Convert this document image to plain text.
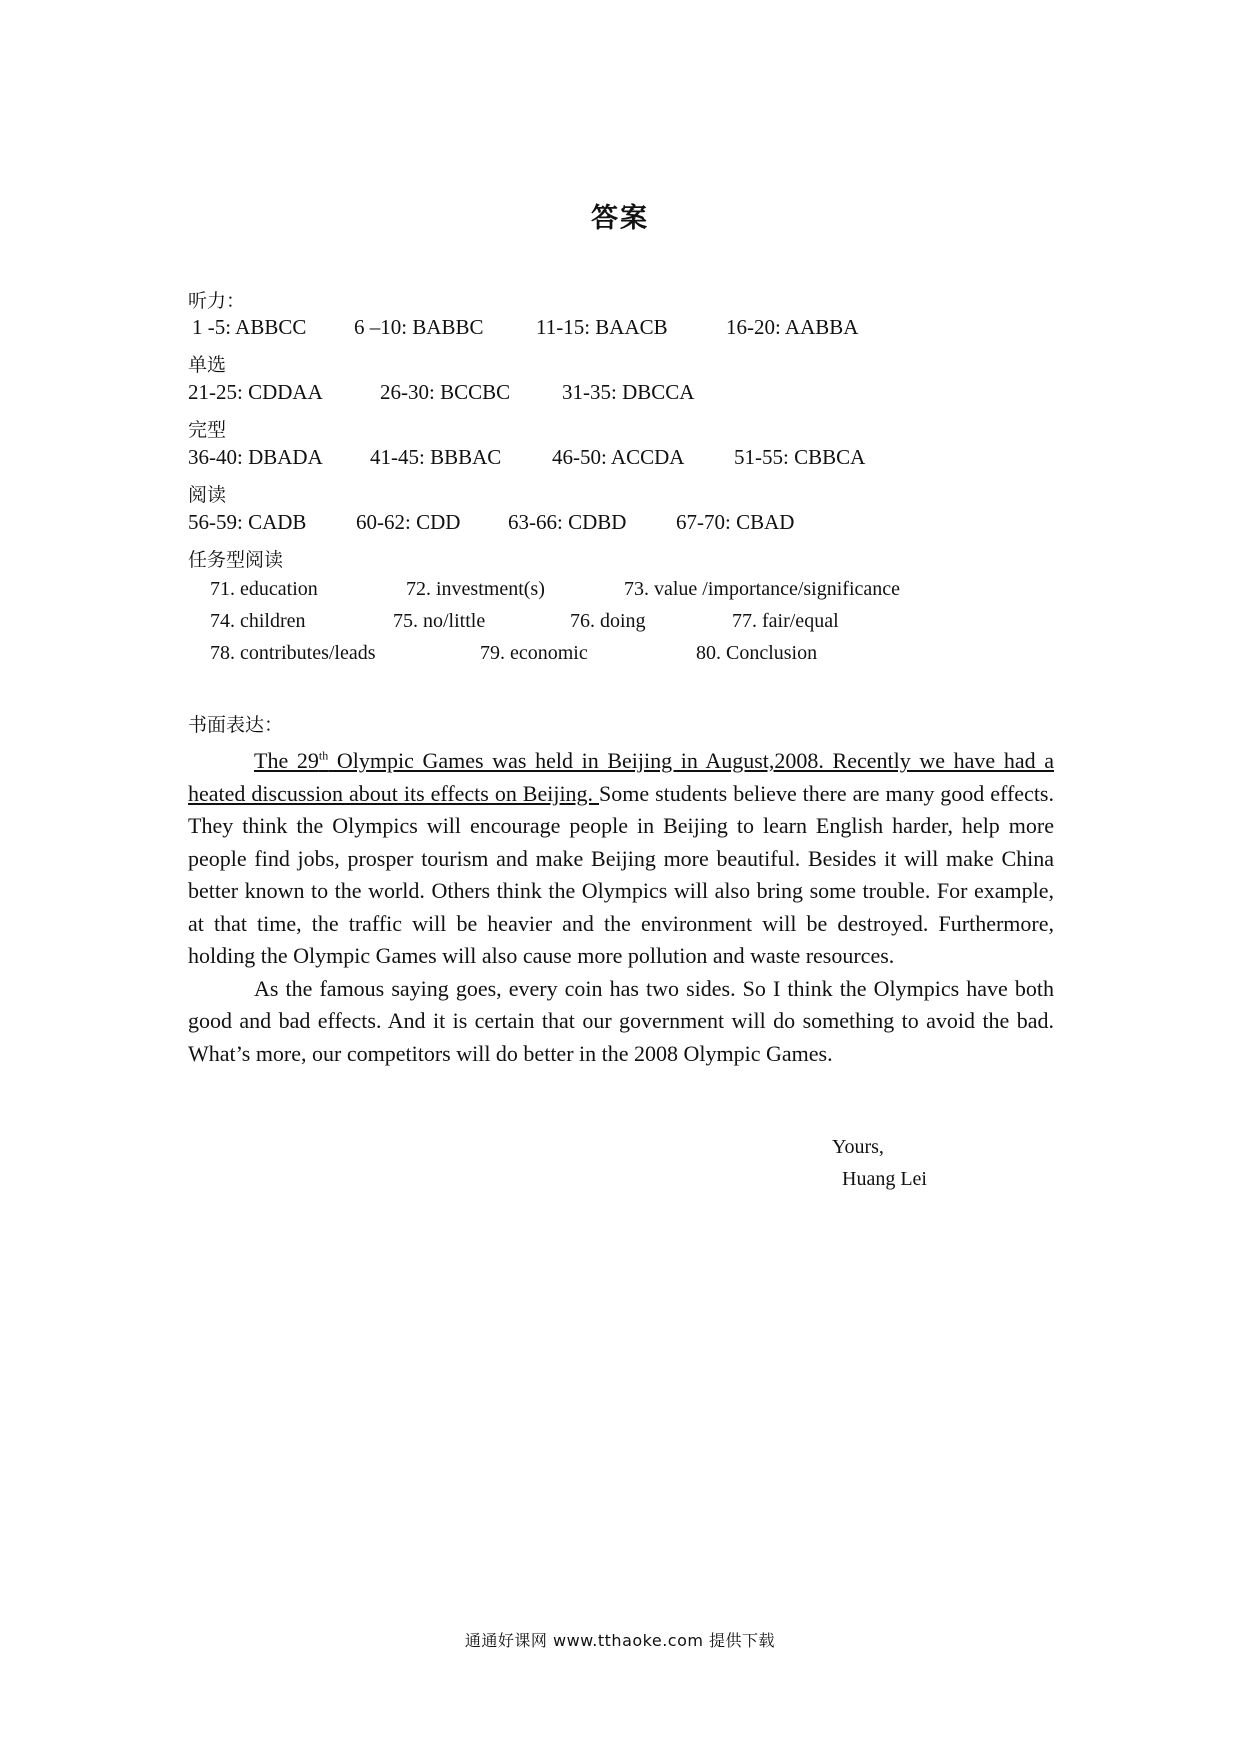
答案
听力：
1 -5: ABBCC 6 –10: BABBC 11-15: BAACB	16-20: AABBA
单选
21-25: CDDAA	26-30: BCCBC 31-35: DBCCA
完型
36-40: DBADA 41-45: BBBAC 46-50: ACCDA 51-55: CBBCA
阅读
56-59: CADB 60-62: CDD 63-66: CDBD 67-70: CBAD
任务型阅读
71. education	72. investment(s)	73. value /importance/significance
74. children	75. no/little	76. doing	77. fair/equal
78. contributes/leads	79. economic	80. Conclusion
书面表达：

The 29th Olympic Games was held in Beijing in August,2008. Recently we have had a heated discussion about its effects on Beijing. Some students believe there are many good effects. They think the Olympics will encourage people in Beijing to learn English harder, help more people find jobs, prosper tourism and make Beijing more beautiful. Besides it will make China better known to the world. Others think the Olympics will also bring some trouble. For example, at that time, the traffic will be heavier and the environment will be destroyed. Furthermore, holding the Olympic Games will also cause more pollution and waste resources.

As the famous saying goes, every coin has two sides. So I think the Olympics have both good and bad effects. And it is certain that our government will do something to avoid the bad. What’s more, our competitors will do better in the 2008 Olympic Games.

Yours,
Huang Lei
通通好课网 www.tthaoke.com 提供下载
